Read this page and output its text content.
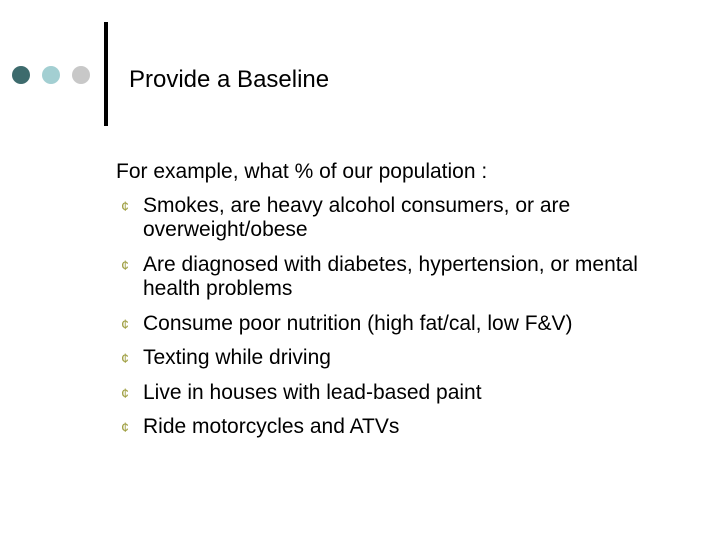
Provide a Baseline
For example, what % of our population :
¢ Smokes, are heavy alcohol consumers, or are overweight/obese
¢ Are diagnosed with diabetes, hypertension, or mental health problems
¢ Consume poor nutrition (high fat/cal, low F&V)
¢ Texting while driving
¢ Live in houses with lead-based paint
¢ Ride motorcycles and ATVs
